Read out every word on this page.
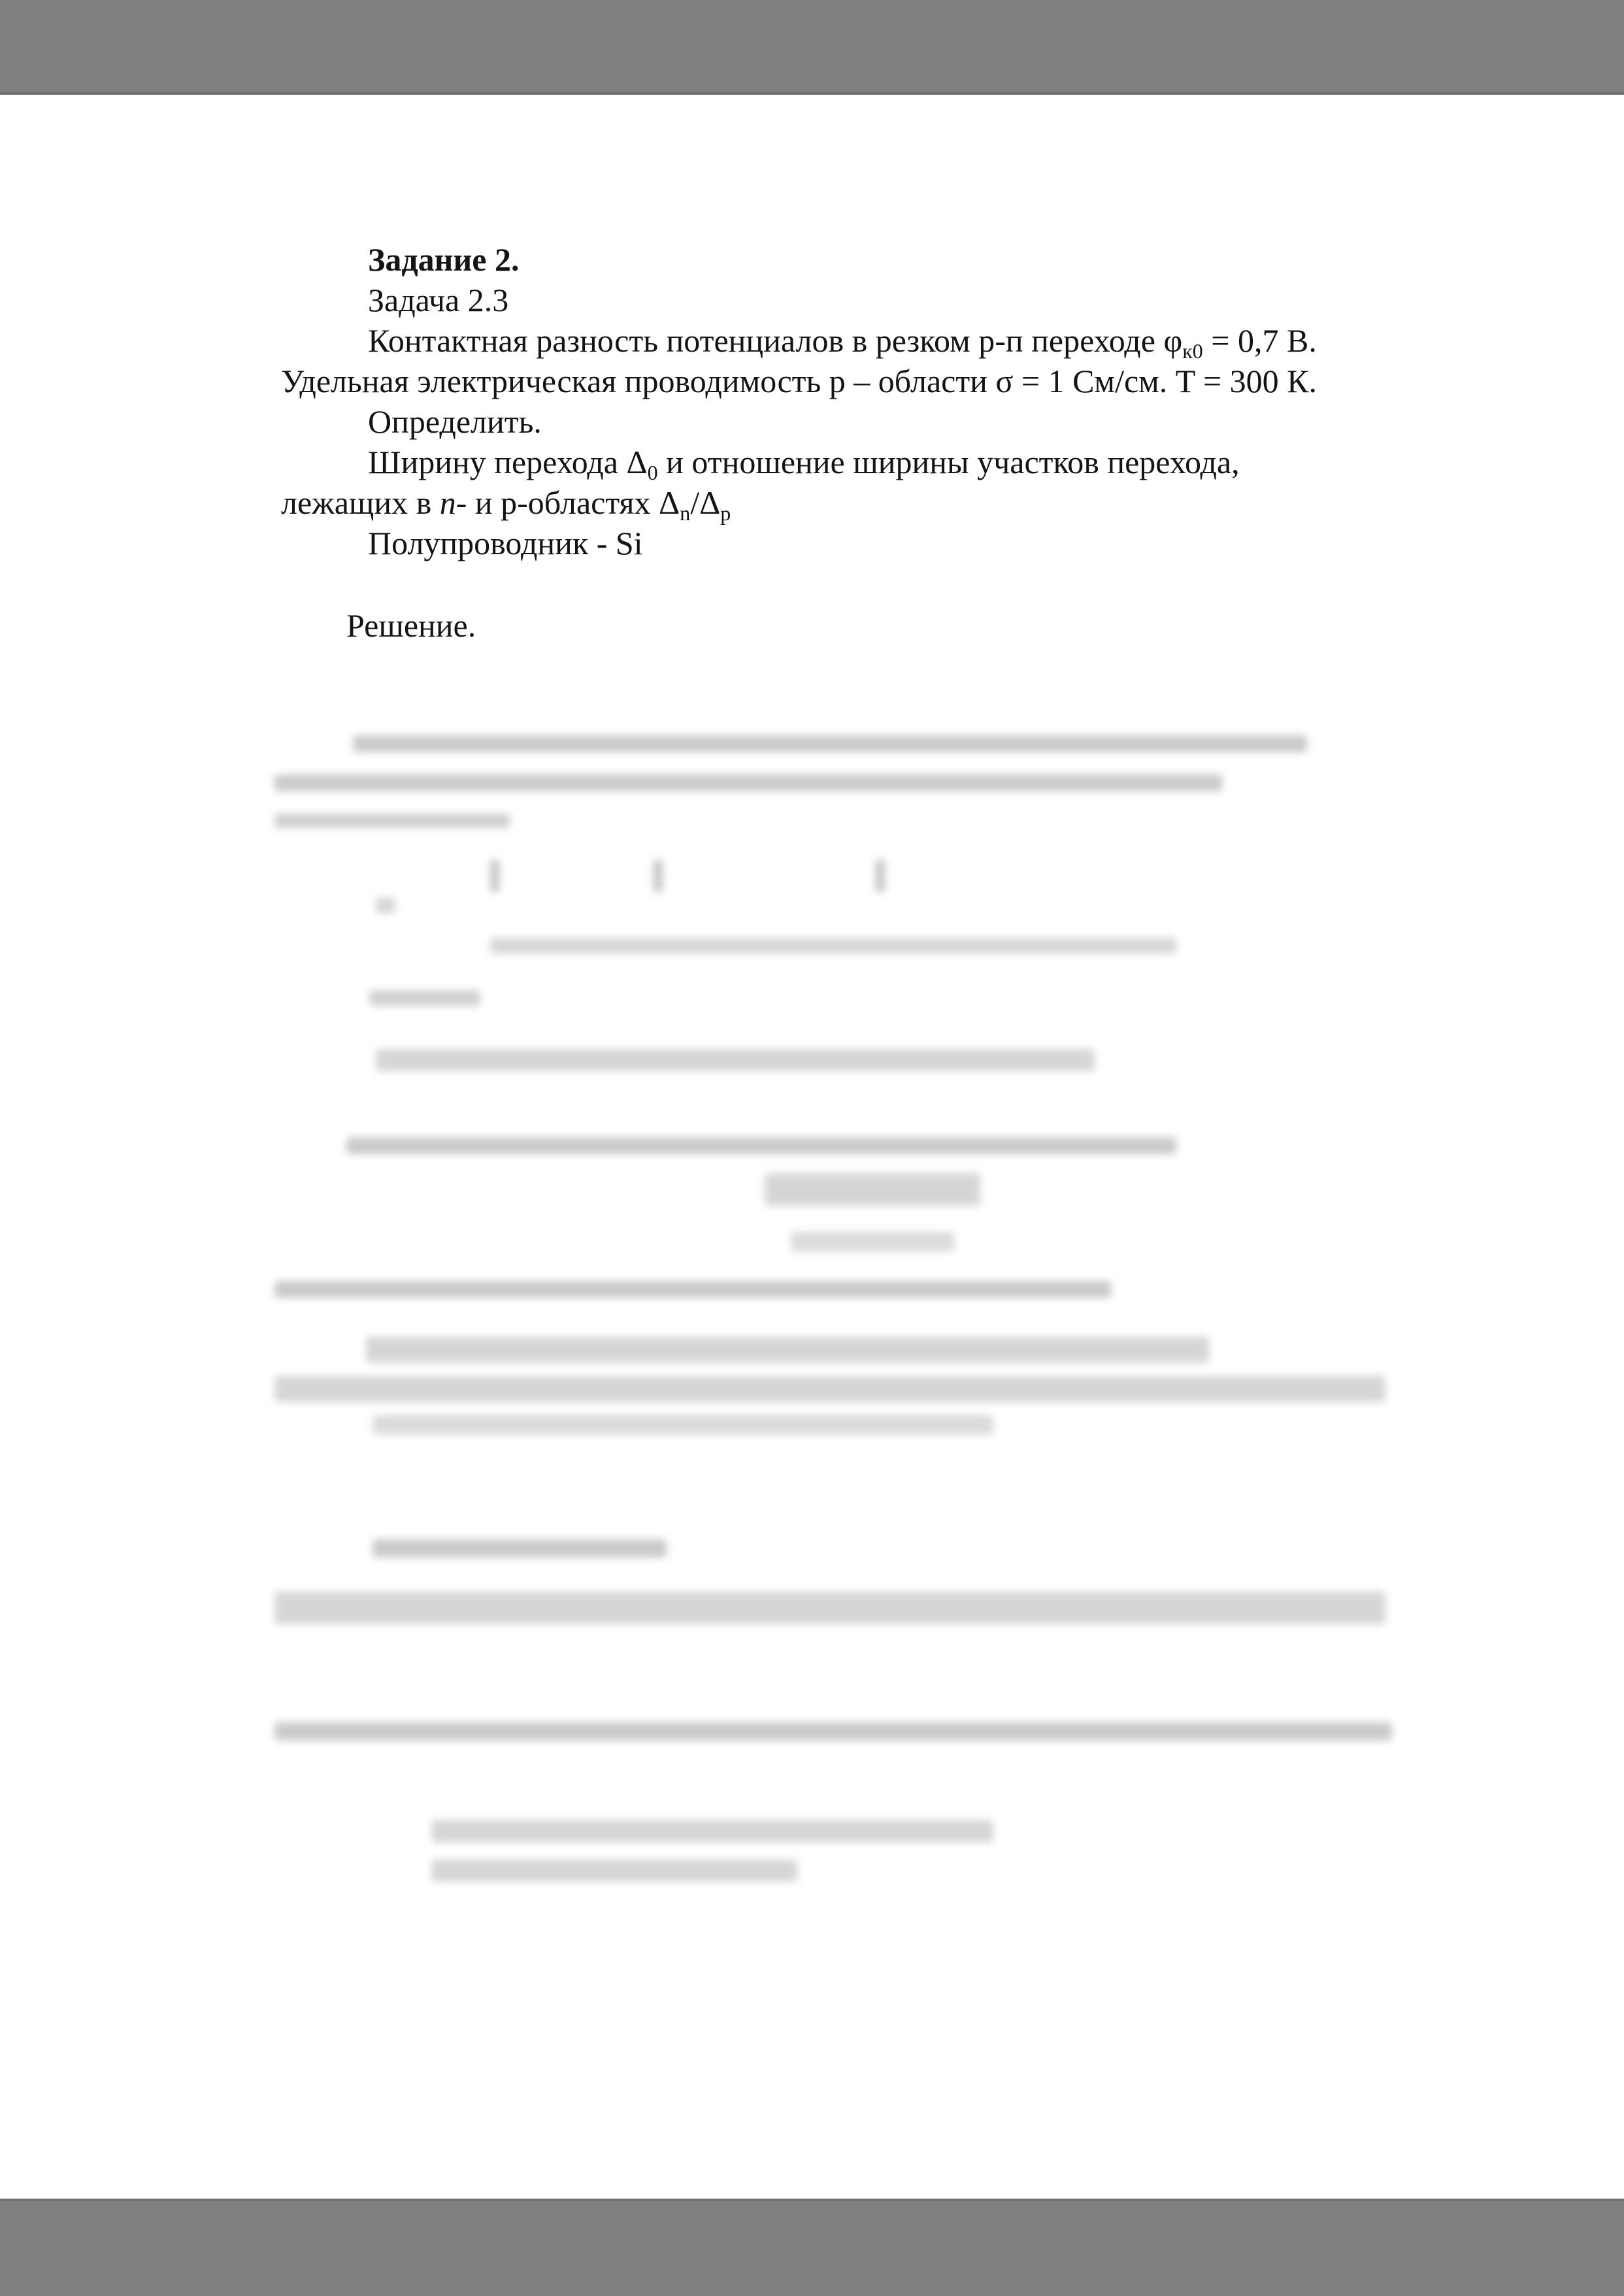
Задание 2.
Задача 2.3
Контактная разность потенциалов в резком p-п переходе $\varphi_{к0} = 0,7$ В.
Удельная электрическая проводимость p – области σ = 1 См/см. T = 300 К.
Определить.
Ширину перехода $\Delta_0$ и отношение ширины участков перехода,
лежащих в n- и p-областях $\Delta_n/\Delta_p$
Полупроводник - Si
Решение.
